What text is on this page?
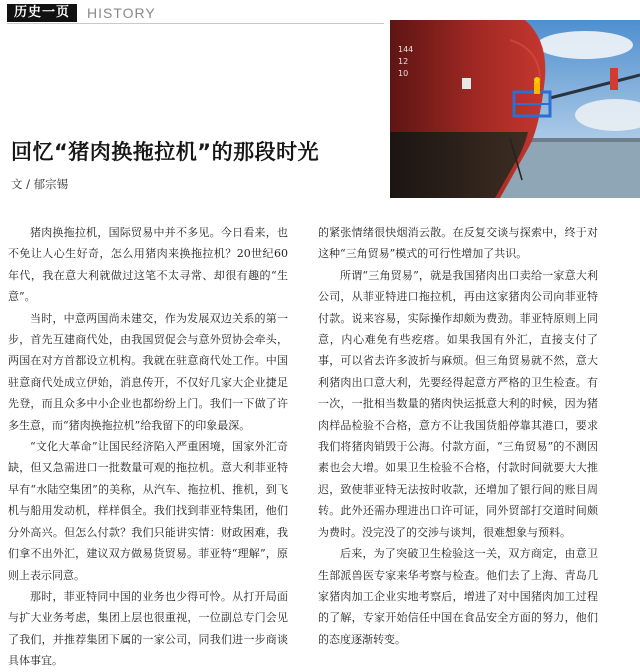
历史一页	HISTORY
144
12
10
回忆“猪肉换拖拉机”的那段时光
文 / 郁宗锡

猪肉换拖拉机，国际贸易中并不多见。今日看来，也不免让人心生好奇，怎么用猪肉来换拖拉机？20世纪60年代，我在意大利就做过这笔不太寻常、却很有趣的“生意”。

当时，中意两国尚未建交，作为发展双边关系的第一步，首先互建商代处，由我国贸促会与意外贸协会牵头，两国在对方首都设立机构。我就在驻意商代处工作。中国驻意商代处成立伊始，消息传开，不仅好几家大企业捷足先登，而且众多中小企业也都纷纷上门。我们一下做了许多生意，而“猪肉换拖拉机”给我留下的印象最深。

“文化大革命”让国民经济陷入严重困境，国家外汇奇缺，但又急需进口一批数量可观的拖拉机。意大利菲亚特早有“水陆空集团”的美称，从汽车、拖拉机、推机，到飞机与船用发动机，样样俱全。我们找到菲亚特集团，他们分外高兴。但怎么付款？我们只能讲实情：财政困难，我们拿不出外汇，建议双方做易货贸易。菲亚特“理解”，原则上表示同意。

那时，菲亚特同中国的业务也少得可怜。从打开局面与扩大业务考虑，集团上层也很重视，一位副总专门会见了我们，并推荐集团下属的一家公司，同我们进一步商谈具体事宜。

的紧张情绪很快烟消云散。在反复交谈与探索中，终于对这种“三角贸易”模式的可行性增加了共识。

所谓“三角贸易”，就是我国猪肉出口卖给一家意大利公司，从菲亚特进口拖拉机，再由这家猪肉公司向菲亚特付款。说来容易，实际操作却颇为费劲。菲亚特原则上同意，内心难免有些疙瘩。如果我国有外汇，直接支付了事，可以省去许多波折与麻烦。但三角贸易就不然，意大利猪肉出口意大利，先要经得起意方严格的卫生检查。有一次，一批相当数量的猪肉快运抵意大利的时候，因为猪肉样品检验不合格，意方不让我国货船停靠其港口，要求我们将猪肉销毁于公海。付款方面，“三角贸易”的不测因素也会大增。如果卫生检验不合格，付款时间就要大大推迟，致使菲亚特无法按时收款，还增加了银行间的账目周转。此外还需办理进出口许可证，同外贸部打交道时间颇为费时。没完没了的交涉与谈判，很难想象与预料。

后来，为了突破卫生检验这一关，双方商定，由意卫生部派兽医专家来华考察与检查。他们去了上海、青岛几家猪肉加工企业实地考察后，增进了对中国猪肉加工过程的了解，专家开始信任中国在食品安全方面的努力，他们的态度逐渐转变。
